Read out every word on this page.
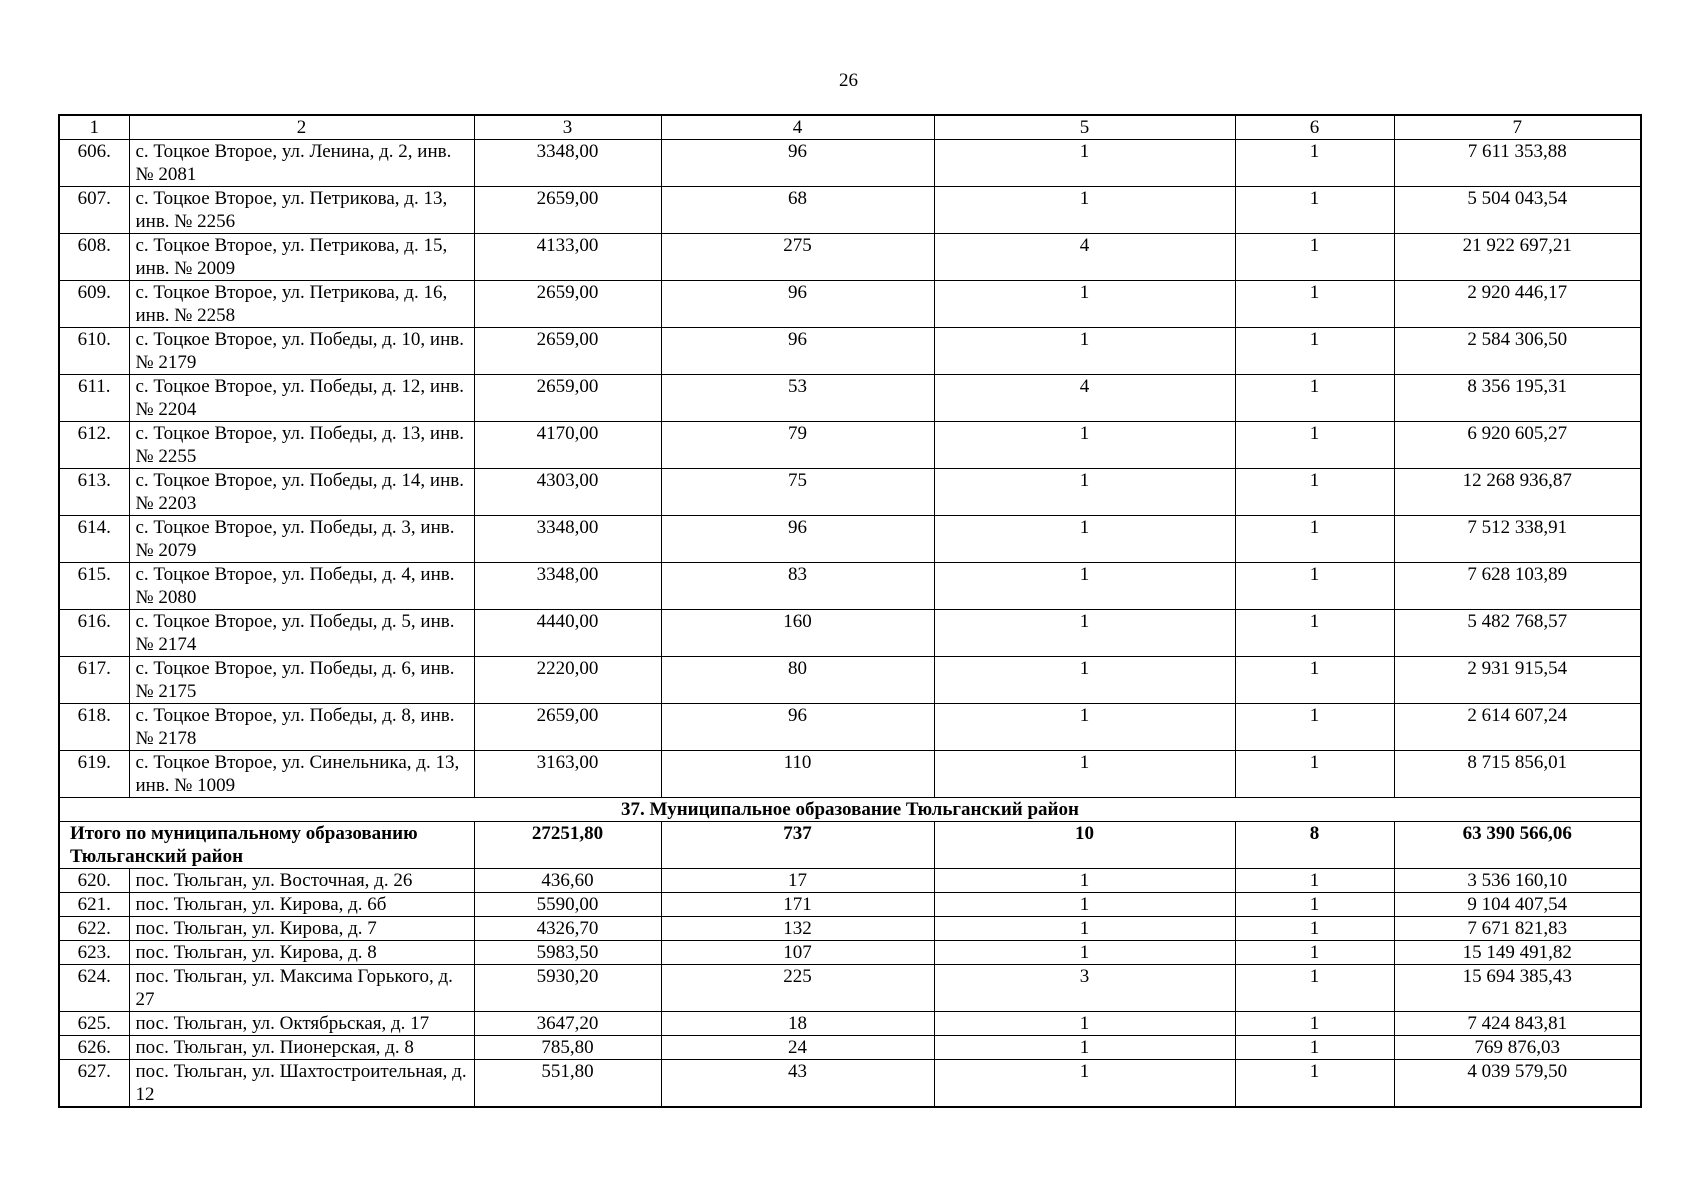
26
1	2	3	4	5	6	7
606.	с. Тоцкое Второе, ул. Ленина, д. 2, инв. № 2081	3348,00	96	1	1	7 611 353,88
607.	с. Тоцкое Второе, ул. Петрикова, д. 13, инв. № 2256	2659,00	68	1	1	5 504 043,54
608.	с. Тоцкое Второе, ул. Петрикова, д. 15, инв. № 2009	4133,00	275	4	1	21 922 697,21
609.	с. Тоцкое Второе, ул. Петрикова, д. 16, инв. № 2258	2659,00	96	1	1	2 920 446,17
610.	с. Тоцкое Второе, ул. Победы, д. 10, инв. № 2179	2659,00	96	1	1	2 584 306,50
611.	с. Тоцкое Второе, ул. Победы, д. 12, инв. № 2204	2659,00	53	4	1	8 356 195,31
612.	с. Тоцкое Второе, ул. Победы, д. 13, инв. № 2255	4170,00	79	1	1	6 920 605,27
613.	с. Тоцкое Второе, ул. Победы, д. 14, инв. № 2203	4303,00	75	1	1	12 268 936,87
614.	с. Тоцкое Второе, ул. Победы, д. 3, инв. № 2079	3348,00	96	1	1	7 512 338,91
615.	с. Тоцкое Второе, ул. Победы, д. 4, инв. № 2080	3348,00	83	1	1	7 628 103,89
616.	с. Тоцкое Второе, ул. Победы, д. 5, инв. № 2174	4440,00	160	1	1	5 482 768,57
617.	с. Тоцкое Второе, ул. Победы, д. 6, инв. № 2175	2220,00	80	1	1	2 931 915,54
618.	с. Тоцкое Второе, ул. Победы, д. 8, инв. № 2178	2659,00	96	1	1	2 614 607,24
619.	с. Тоцкое Второе, ул. Синельника, д. 13, инв. № 1009	3163,00	110	1	1	8 715 856,01
37. Муниципальное образование Тюльганский район						
Итого по муниципальному образованию Тюльганский район		27251,80	737	10	8	63 390 566,06
620.	пос. Тюльган, ул. Восточная, д. 26	436,60	17	1	1	3 536 160,10
621.	пос. Тюльган, ул. Кирова, д. 6б	5590,00	171	1	1	9 104 407,54
622.	пос. Тюльган, ул. Кирова, д. 7	4326,70	132	1	1	7 671 821,83
623.	пос. Тюльган, ул. Кирова, д. 8	5983,50	107	1	1	15 149 491,82
624.	пос. Тюльган, ул. Максима Горького, д. 27	5930,20	225	3	1	15 694 385,43
625.	пос. Тюльган, ул. Октябрьская, д. 17	3647,20	18	1	1	7 424 843,81
626.	пос. Тюльган, ул. Пионерская, д. 8	785,80	24	1	1	769 876,03
627.	пос. Тюльган, ул. Шахтостроительная, д. 12	551,80	43	1	1	4 039 579,50
